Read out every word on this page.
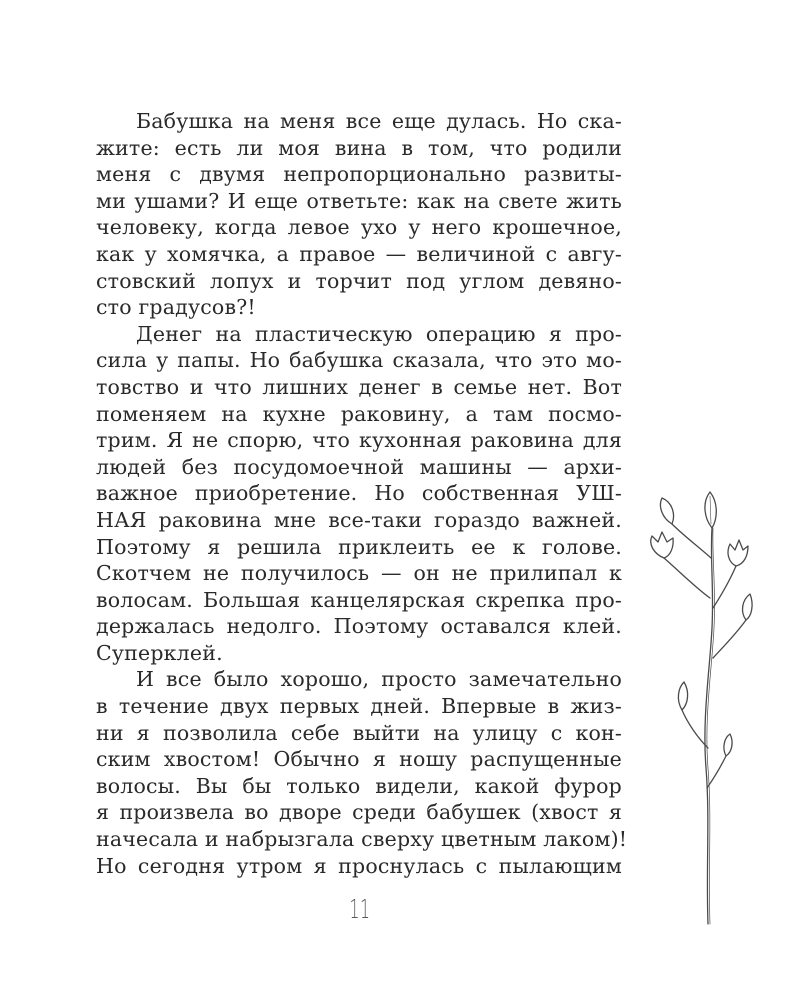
Бабушка на меня все еще дулась. Но ска-
жите: есть ли моя вина в том, что родили
меня с двумя непропорционально развиты-
ми ушами? И еще ответьте: как на свете жить
человеку, когда левое ухо у него крошечное,
как у хомячка, а правое — величиной с авгу-
стовский лопух и торчит под углом девяно-
сто градусов?!
Денег на пластическую операцию я про-
сила у папы. Но бабушка сказала, что это мо-
товство и что лишних денег в семье нет. Вот
поменяем на кухне раковину, а там посмо-
трим. Я не спорю, что кухонная раковина для
людей без посудомоечной машины — архи-
важное приобретение. Но собственная УШ-
НАЯ раковина мне все-таки гораздо важней.
Поэтому я решила приклеить ее к голове.
Скотчем не получилось — он не прилипал к
волосам. Большая канцелярская скрепка про-
держалась недолго. Поэтому оставался клей.
Суперклей.
И все было хорошо, просто замечательно
в течение двух первых дней. Впервые в жиз-
ни я позволила себе выйти на улицу с кон-
ским хвостом! Обычно я ношу распущенные
волосы. Вы бы только видели, какой фурор
я произвела во дворе среди бабушек (хвост я
начесала и набрызгала сверху цветным лаком)!
Но сегодня утром я проснулась с пылающим
11
